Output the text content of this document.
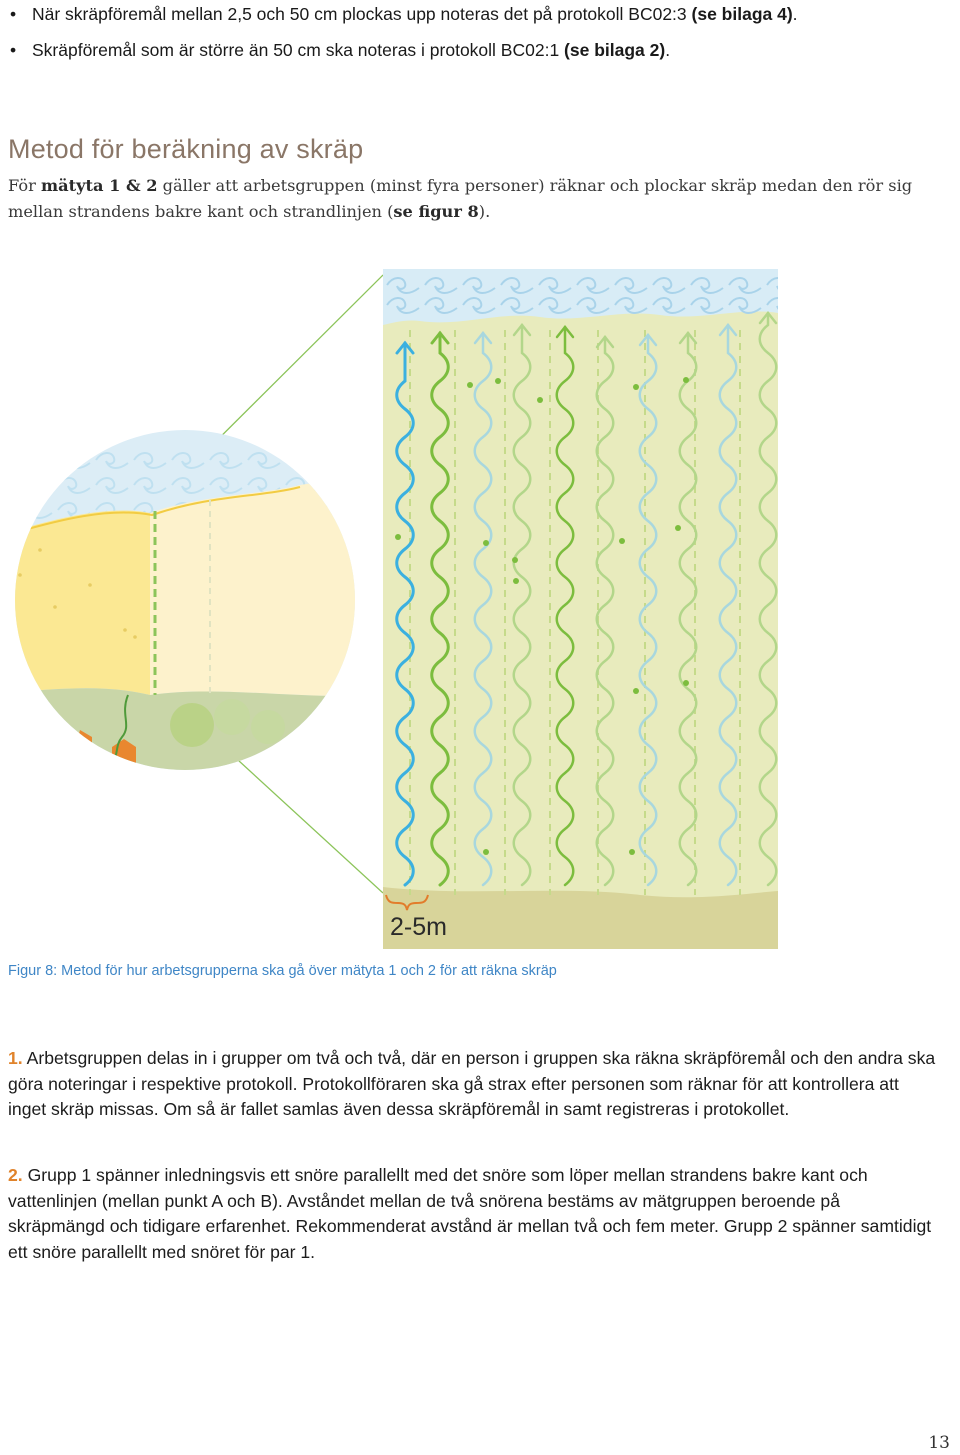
• När skräpföremål mellan 2,5 och 50 cm plockas upp noteras det på protokoll BC02:3 (se bilaga 4).
• Skräpföremål som är större än 50 cm ska noteras i protokoll BC02:1 (se bilaga 2).
Metod för beräkning av skräp

För mätyta 1 & 2 gäller att arbetsgruppen (minst fyra personer) räknar och plockar skräp medan den rör sig mellan strandens bakre kant och strandlinjen (se figur 8).

2-5m

Figur 8: Metod för hur arbetsgrupperna ska gå över mätyta 1 och 2 för att räkna skräp

1. Arbetsgruppen delas in i grupper om två och två, där en person i gruppen ska räkna skräpföremål och den andra ska göra noteringar i respektive protokoll. Protokollföraren ska gå strax efter personen som räknar för att kontrollera att inget skräp missas. Om så är fallet samlas även dessa skräpföremål in samt registreras i protokollet.

2. Grupp 1 spänner inledningsvis ett snöre parallellt med det snöre som löper mellan strandens bakre kant och vattenlinjen (mellan punkt A och B). Avståndet mellan de två snörena bestäms av mätgruppen beroende på skräpmängd och tidigare erfarenhet. Rekommenderat avstånd är mellan två och fem meter. Grupp 2 spänner samtidigt ett snöre parallellt med snöret för par 1.

13
